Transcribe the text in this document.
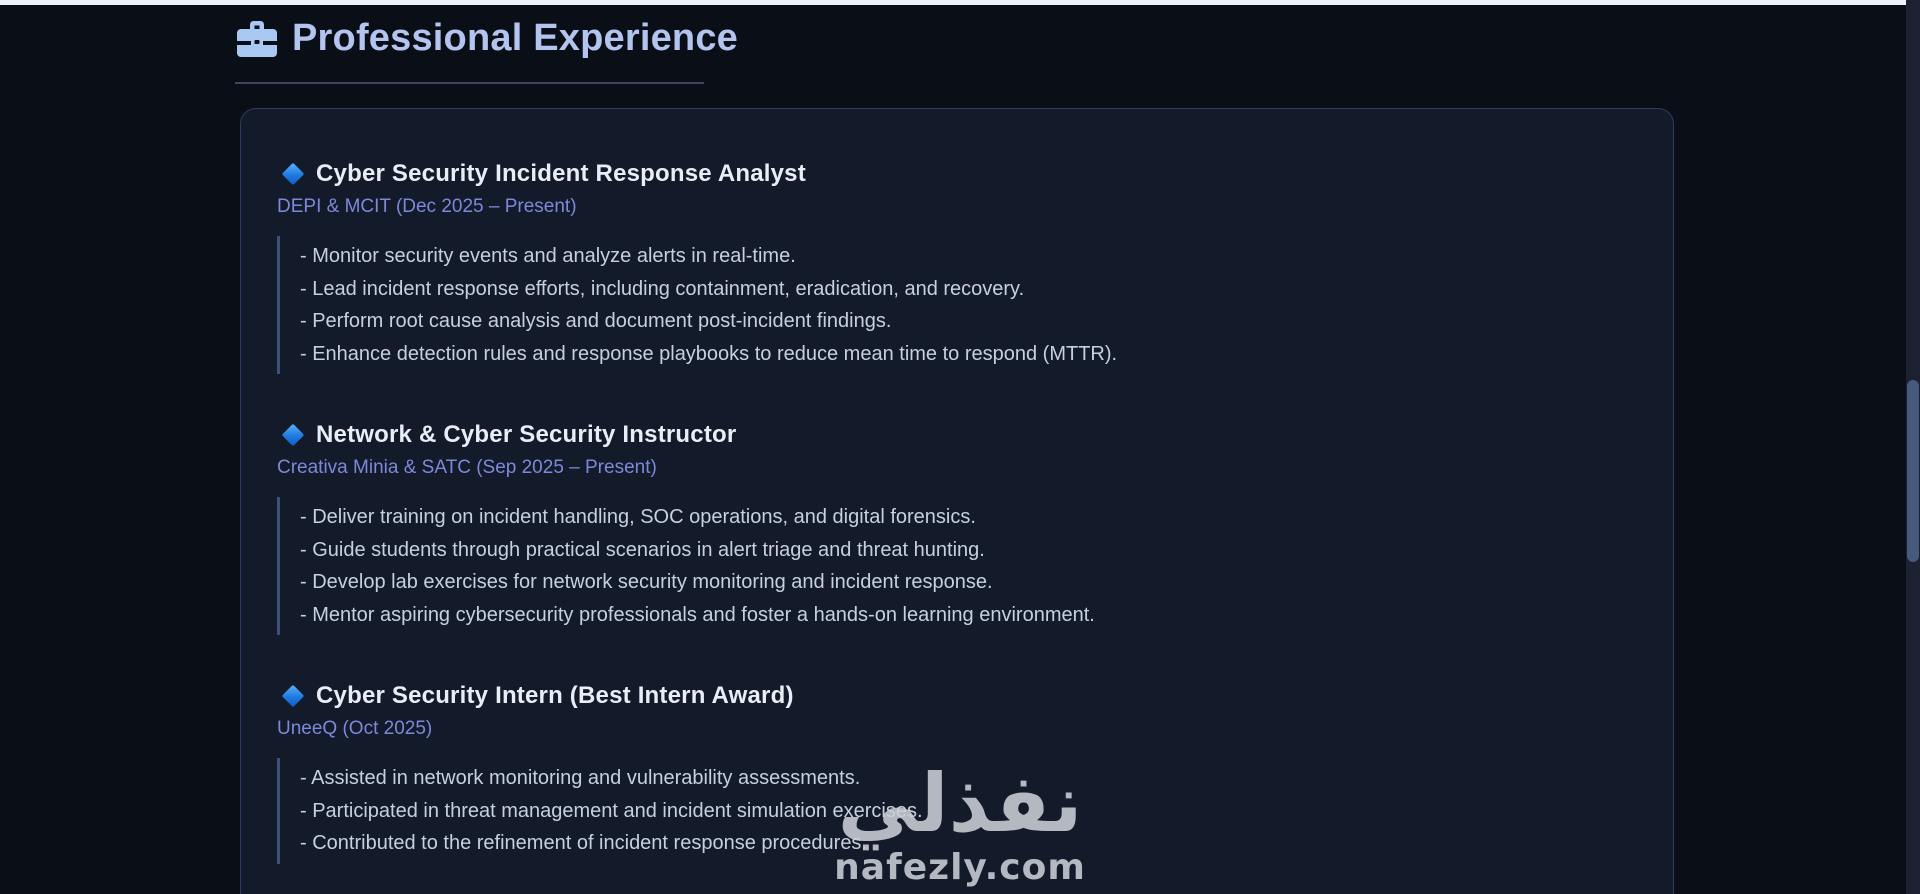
Professional Experience
Cyber Security Incident Response Analyst
DEPI & MCIT (Dec 2025 – Present)
- Monitor security events and analyze alerts in real-time.
- Lead incident response efforts, including containment, eradication, and recovery.
- Perform root cause analysis and document post-incident findings.
- Enhance detection rules and response playbooks to reduce mean time to respond (MTTR).
Network & Cyber Security Instructor
Creativa Minia & SATC (Sep 2025 – Present)
- Deliver training on incident handling, SOC operations, and digital forensics.
- Guide students through practical scenarios in alert triage and threat hunting.
- Develop lab exercises for network security monitoring and incident response.
- Mentor aspiring cybersecurity professionals and foster a hands-on learning environment.
Cyber Security Intern (Best Intern Award)
UneeQ (Oct 2025)
- Assisted in network monitoring and vulnerability assessments.
- Participated in threat management and incident simulation exercises.
- Contributed to the refinement of incident response procedures.
نفذلي
nafezly.com
